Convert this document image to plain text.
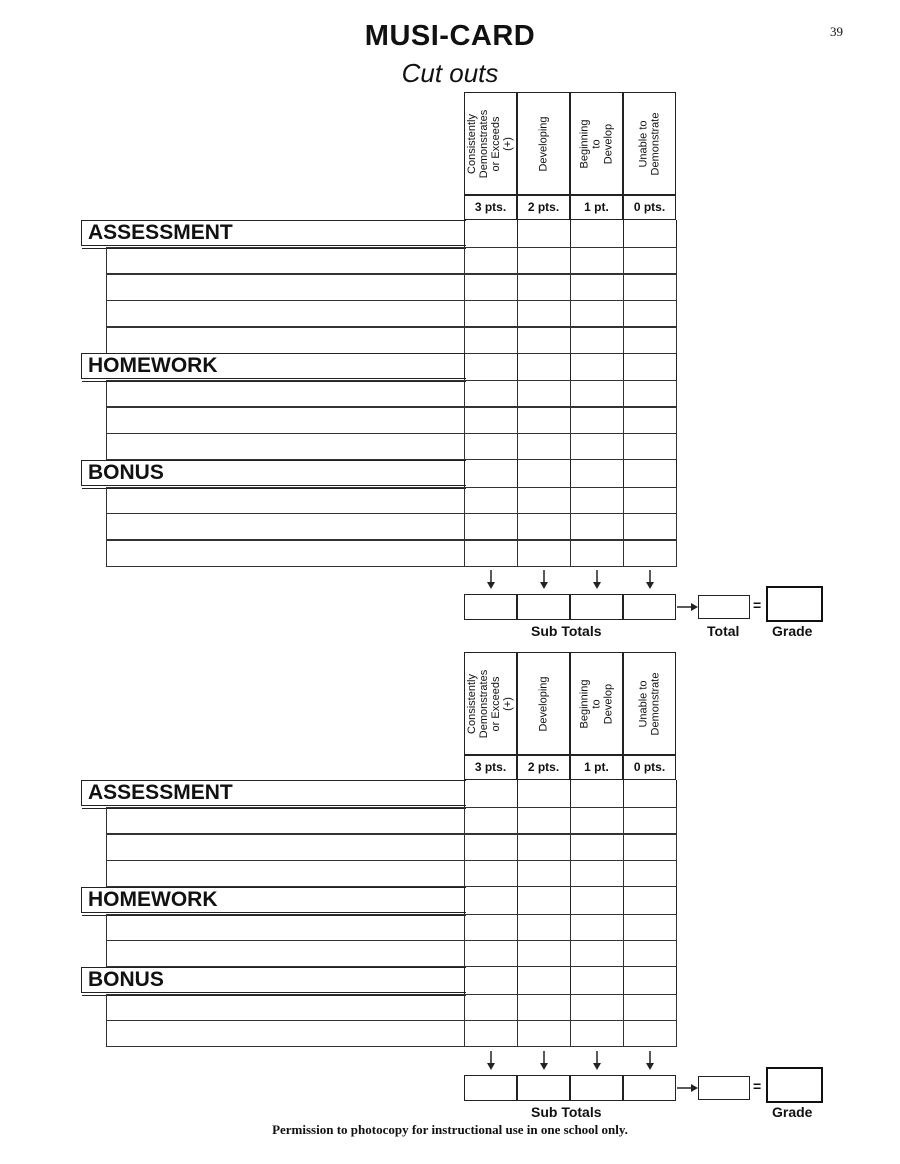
39
MUSI-CARD
Cut outs
Consistently
Demonstrates
or Exceeds (+)
3 pts.
Developing
2 pts.
Beginning to
Develop
1 pt.
Unable to
Demonstrate
0 pts.
ASSESSMENT
HOMEWORK
BONUS
=
Sub Totals	Total Grade
Consistently
Demonstrates
or Exceeds (+)
3 pts.
Developing
2 pts.
Beginning to
Develop
1 pt.
Unable to
Demonstrate
0 pts.
ASSESSMENT
HOMEWORK
BONUS
=
Sub Totals	Grade
Permission to photocopy for instructional use in one school only.
